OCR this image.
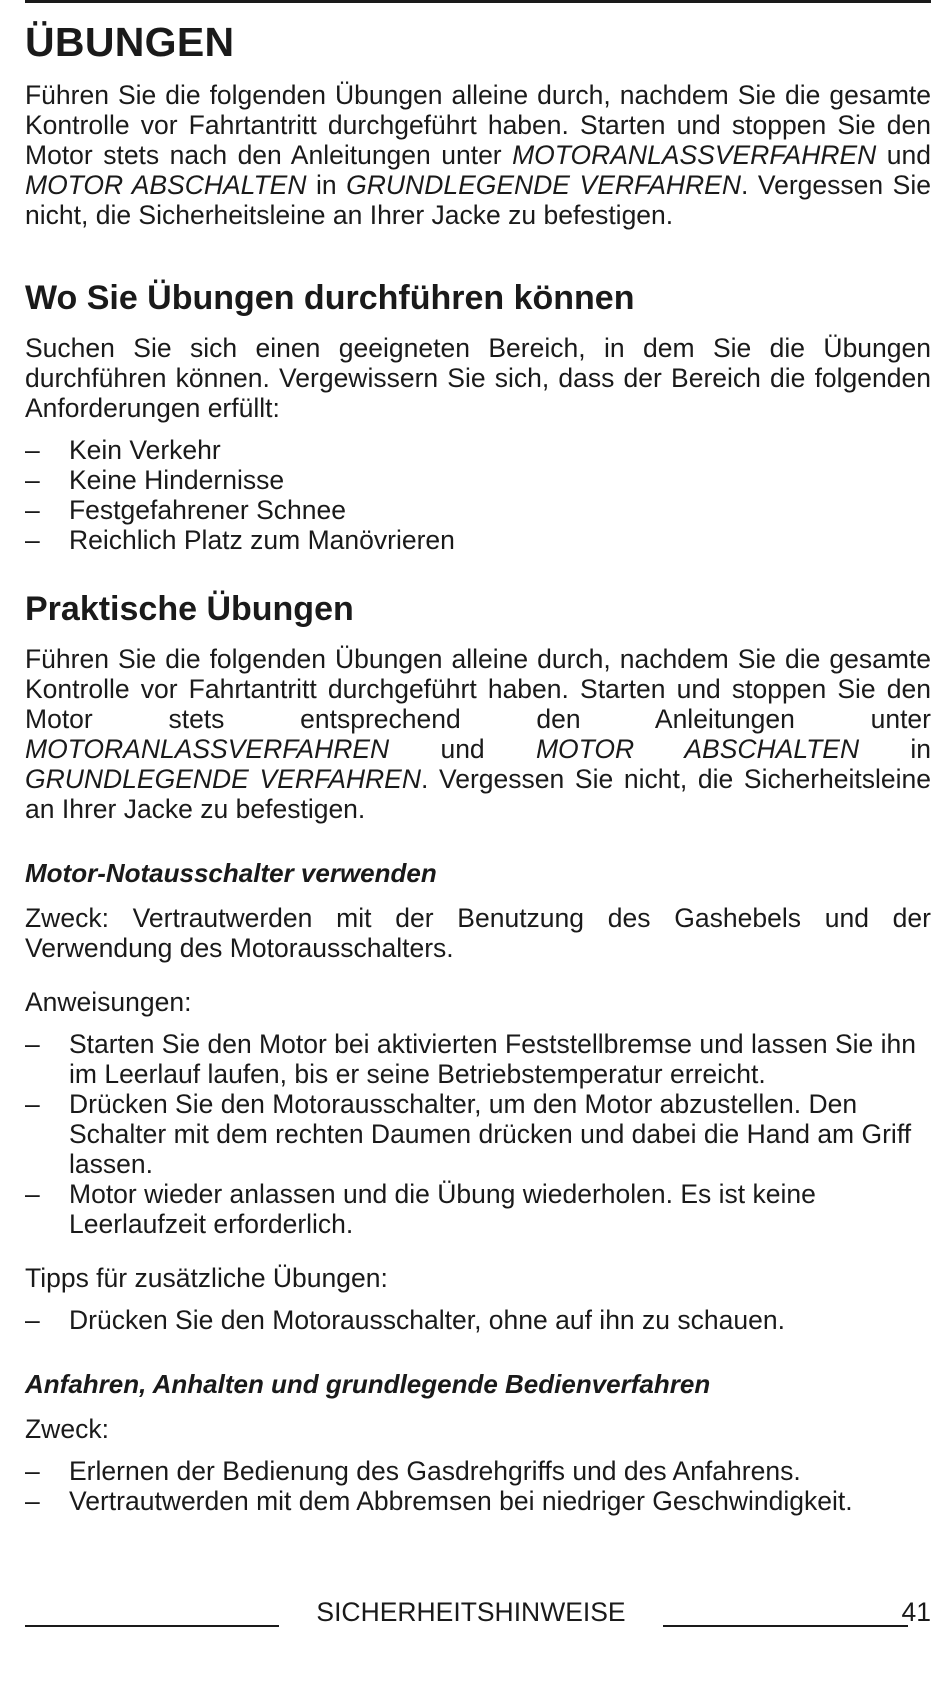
ÜBUNGEN

Führen Sie die folgenden Übungen alleine durch, nachdem Sie die gesamte Kontrolle vor Fahrtantritt durchgeführt haben. Starten und stoppen Sie den Motor stets nach den Anleitungen unter MOTORANLASSVERFAHREN und MOTOR ABSCHALTEN in GRUNDLEGENDE VERFAHREN. Vergessen Sie nicht, die Sicherheitsleine an Ihrer Jacke zu befestigen.

Wo Sie Übungen durchführen können

Suchen Sie sich einen geeigneten Bereich, in dem Sie die Übungen durchführen können. Vergewissern Sie sich, dass der Bereich die folgenden Anforderungen erfüllt:

– Kein Verkehr
– Keine Hindernisse
– Festgefahrener Schnee
– Reichlich Platz zum Manövrieren
Praktische Übungen

Führen Sie die folgenden Übungen alleine durch, nachdem Sie die gesamte Kontrolle vor Fahrtantritt durchgeführt haben. Starten und stoppen Sie den Motor stets entsprechend den Anleitungen unter MOTORANLASSVERFAHREN und MOTOR ABSCHALTEN in GRUNDLEGENDE VERFAHREN. Vergessen Sie nicht, die Sicherheitsleine an Ihrer Jacke zu befestigen.

Motor-Notausschalter verwenden

Zweck: Vertrautwerden mit der Benutzung des Gashebels und der Verwendung des Motorausschalters.

Anweisungen:

– Starten Sie den Motor bei aktivierten Feststellbremse und lassen Sie ihn im Leerlauf laufen, bis er seine Betriebstemperatur erreicht.
– Drücken Sie den Motorausschalter, um den Motor abzustellen. Den Schalter mit dem rechten Daumen drücken und dabei die Hand am Griff lassen.
– Motor wieder anlassen und die Übung wiederholen. Es ist keine Leerlaufzeit erforderlich.

Tipps für zusätzliche Übungen:

– Drücken Sie den Motorausschalter, ohne auf ihn zu schauen.
Anfahren, Anhalten und grundlegende Bedienverfahren

Zweck:

– Erlernen der Bedienung des Gasdrehgriffs und des Anfahrens.
– Vertrautwerden mit dem Abbremsen bei niedriger Geschwindigkeit.
SICHERHEITSHINWEISE	41
